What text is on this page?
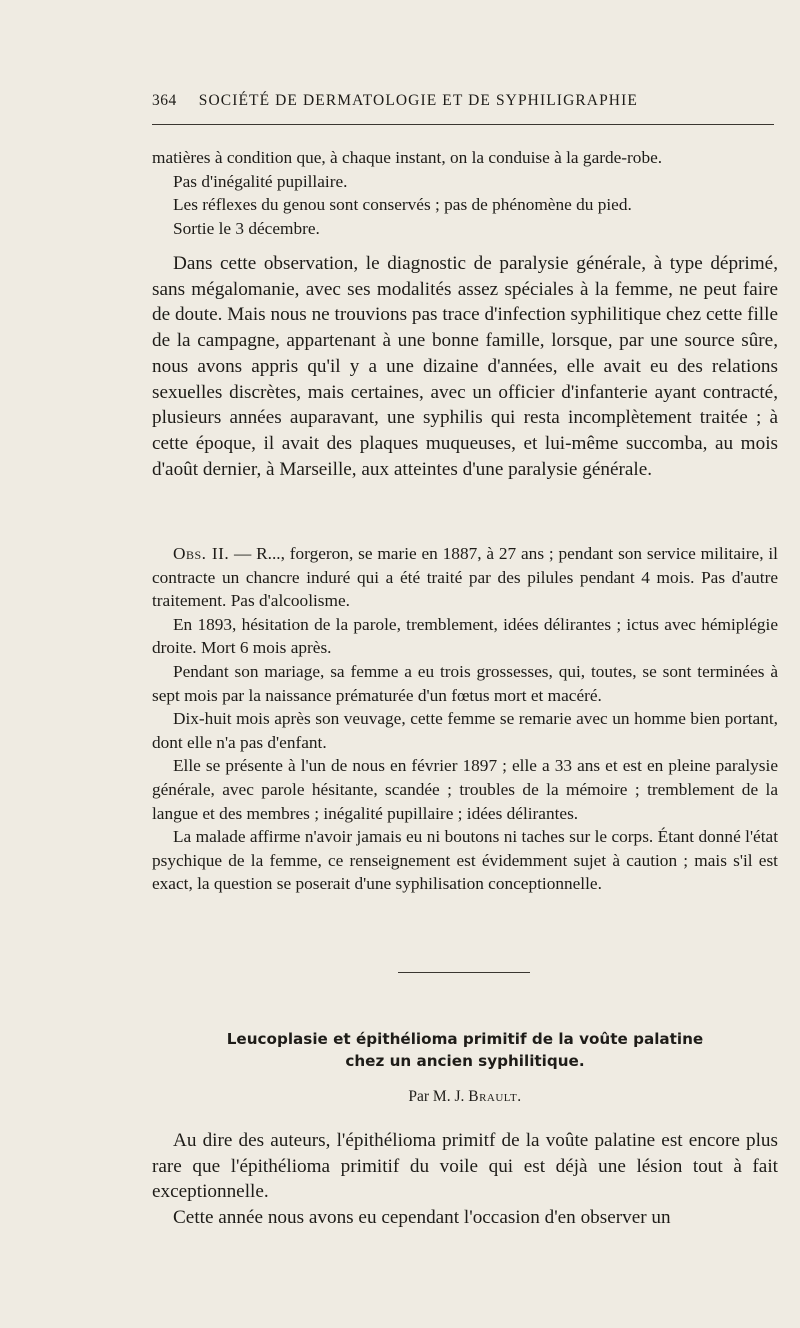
364 SOCIÉTÉ DE DERMATOLOGIE ET DE SYPHILIGRAPHIE

matières à condition que, à chaque instant, on la conduise à la garde-robe.

Pas d'inégalité pupillaire.

Les réflexes du genou sont conservés ; pas de phénomène du pied.

Sortie le 3 décembre.

Dans cette observation, le diagnostic de paralysie générale, à type déprimé, sans mégalomanie, avec ses modalités assez spéciales à la femme, ne peut faire de doute. Mais nous ne trouvions pas trace d'infection syphilitique chez cette fille de la campagne, appartenant à une bonne famille, lorsque, par une source sûre, nous avons appris qu'il y a une dizaine d'années, elle avait eu des relations sexuelles discrètes, mais certaines, avec un officier d'infanterie ayant contracté, plusieurs années auparavant, une syphilis qui resta incomplètement traitée ; à cette époque, il avait des plaques muqueuses, et lui-même succomba, au mois d'août dernier, à Marseille, aux atteintes d'une paralysie générale.

Obs. II. — R..., forgeron, se marie en 1887, à 27 ans ; pendant son service militaire, il contracte un chancre induré qui a été traité par des pilules pendant 4 mois. Pas d'autre traitement. Pas d'alcoolisme.

En 1893, hésitation de la parole, tremblement, idées délirantes ; ictus avec hémiplégie droite. Mort 6 mois après.

Pendant son mariage, sa femme a eu trois grossesses, qui, toutes, se sont terminées à sept mois par la naissance prématurée d'un fœtus mort et macéré.

Dix-huit mois après son veuvage, cette femme se remarie avec un homme bien portant, dont elle n'a pas d'enfant.

Elle se présente à l'un de nous en février 1897 ; elle a 33 ans et est en pleine paralysie générale, avec parole hésitante, scandée ; troubles de la mémoire ; tremblement de la langue et des membres ; inégalité pupillaire ; idées délirantes.

La malade affirme n'avoir jamais eu ni boutons ni taches sur le corps. Étant donné l'état psychique de la femme, ce renseignement est évidemment sujet à caution ; mais s'il est exact, la question se poserait d'une syphilisation conceptionnelle.

Leucoplasie et épithélioma primitif de la voûte palatine
chez un ancien syphilitique.
Par M. J. Brault.

Au dire des auteurs, l'épithélioma primitf de la voûte palatine est encore plus rare que l'épithélioma primitif du voile qui est déjà une lésion tout à fait exceptionnelle.

Cette année nous avons eu cependant l'occasion d'en observer un
